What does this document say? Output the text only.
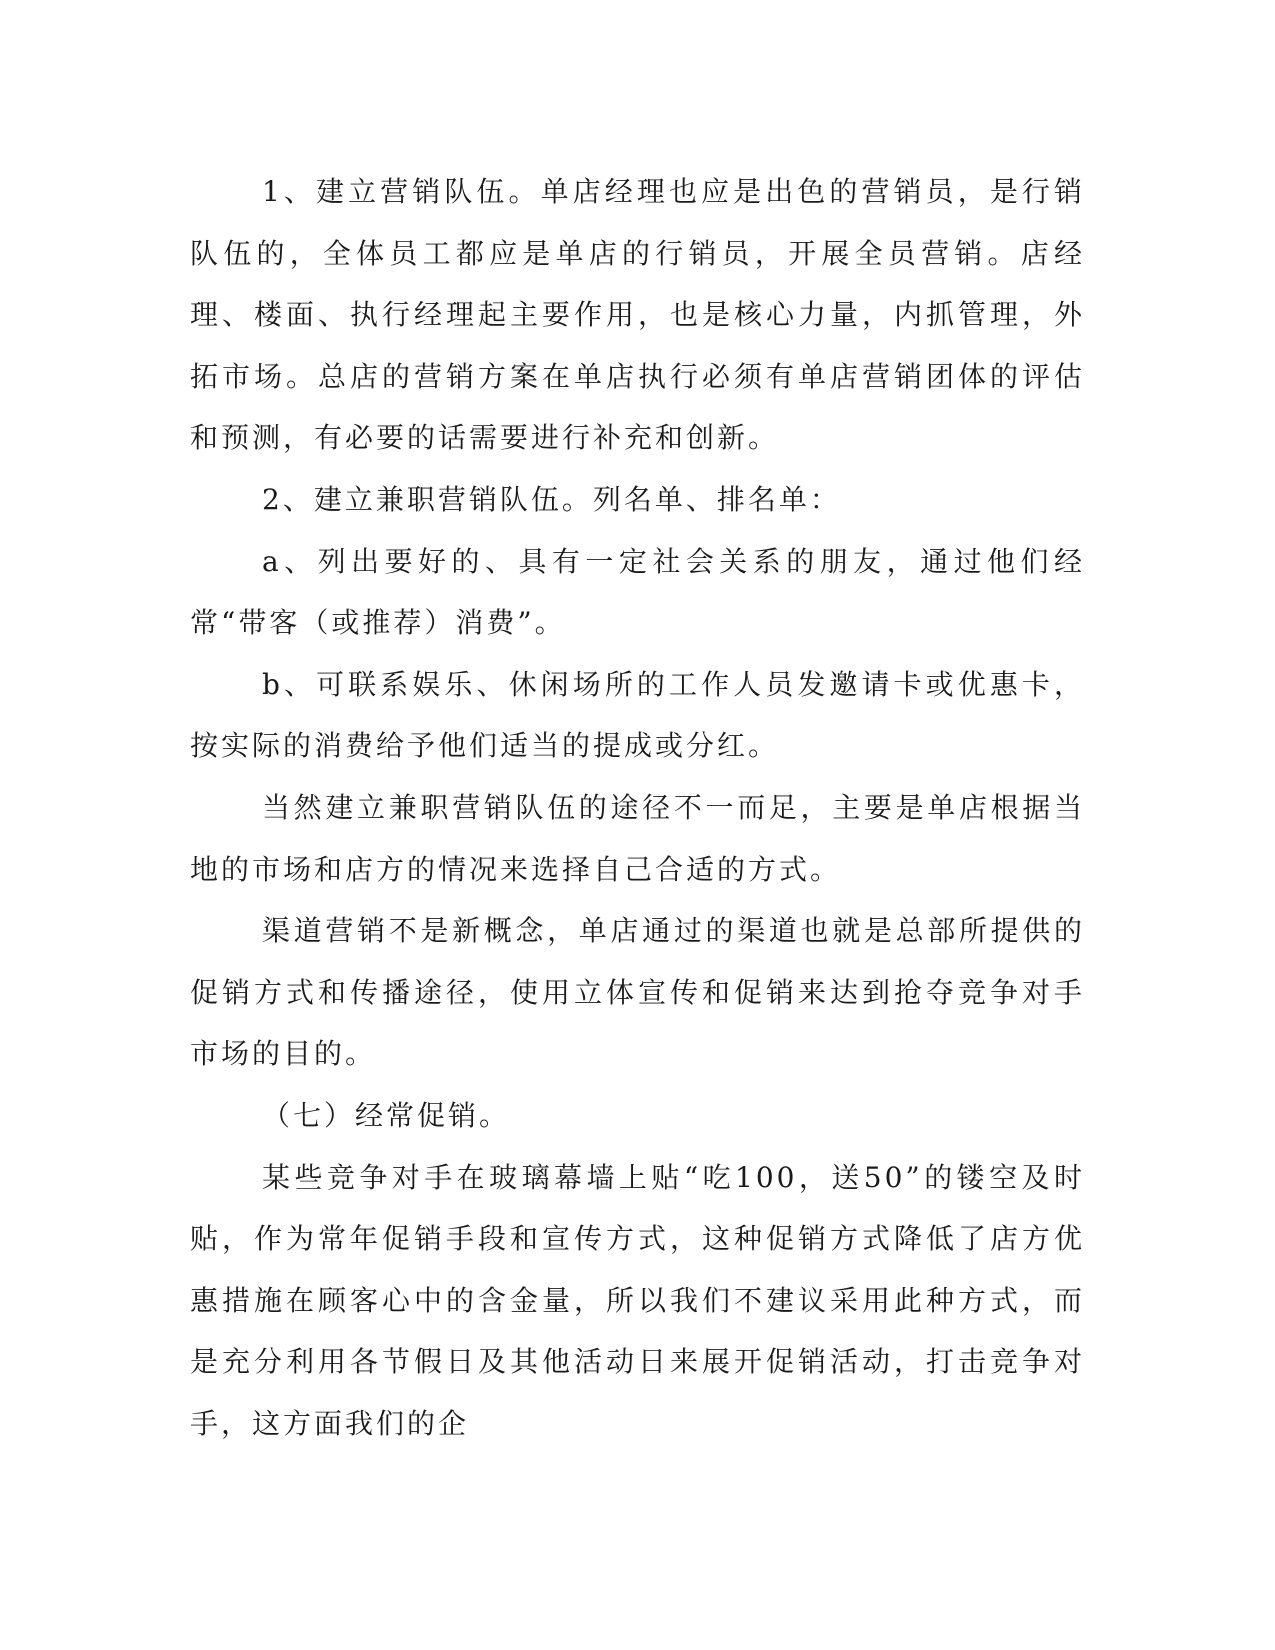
1、建立营销队伍。单店经理也应是出色的营销员，是行销队伍的，全体员工都应是单店的行销员，开展全员营销。店经理、楼面、执行经理起主要作用，也是核心力量，内抓管理，外拓市场。总店的营销方案在单店执行必须有单店营销团体的评估和预测，有必要的话需要进行补充和创新。

2、建立兼职营销队伍。列名单、排名单：

a、列出要好的、具有一定社会关系的朋友，通过他们经常“带客（或推荐）消费”。

b、可联系娱乐、休闲场所的工作人员发邀请卡或优惠卡，按实际的消费给予他们适当的提成或分红。

当然建立兼职营销队伍的途径不一而足，主要是单店根据当地的市场和店方的情况来选择自己合适的方式。

渠道营销不是新概念，单店通过的渠道也就是总部所提供的促销方式和传播途径，使用立体宣传和促销来达到抢夺竞争对手市场的目的。

（七）经常促销。

某些竞争对手在玻璃幕墙上贴“吃100，送50”的镂空及时贴，作为常年促销手段和宣传方式，这种促销方式降低了店方优惠措施在顾客心中的含金量，所以我们不建议采用此种方式，而是充分利用各节假日及其他活动日来展开促销活动，打击竞争对手，这方面我们的企
